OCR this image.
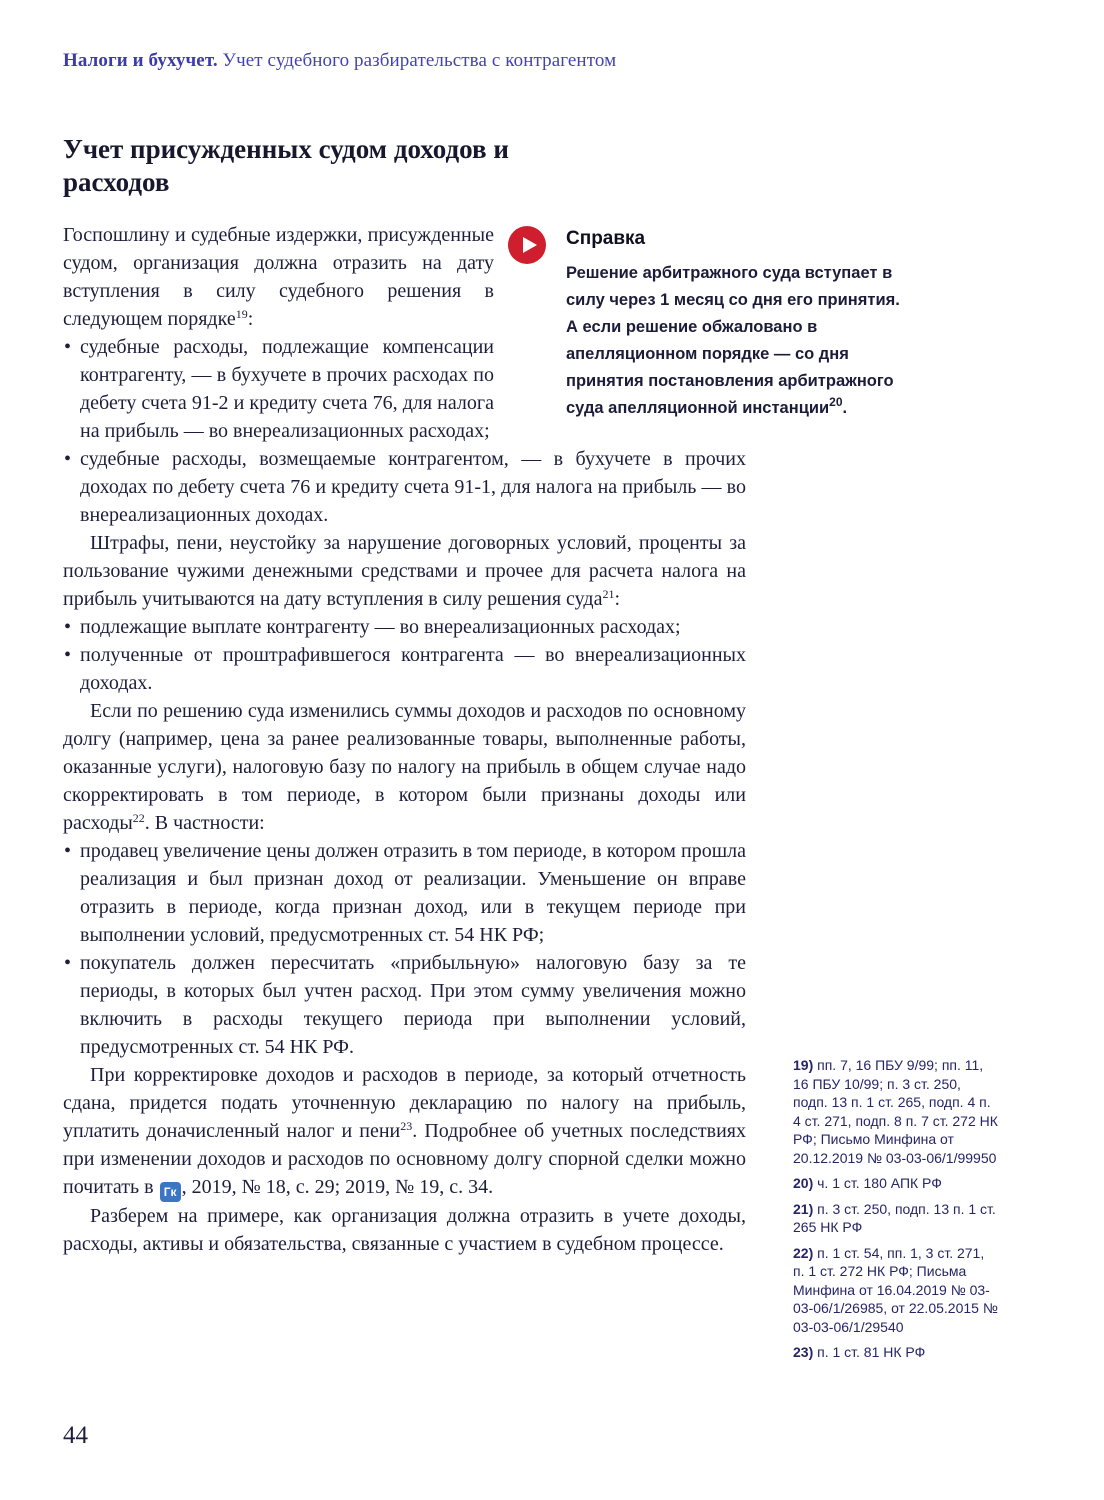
Налоги и бухучет. Учет судебного разбирательства с контрагентом
Учет присужденных судом доходов и расходов

Справка

Решение арбитражного суда вступает в силу через 1 месяц со дня его принятия. А если решение обжаловано в апелляционном порядке — со дня принятия постановления арбитражного суда апелляционной инстанции$^{20}$.

Госпошлину и судебные издержки, присужденные судом, организация должна отразить на дату вступления в силу судебного решения в следующем порядке$^{19}$:

• судебные расходы, подлежащие компенсации контрагенту, — в бухучете в прочих расходах по дебету счета 91-2 и кредиту счета 76, для налога на прибыль — во внереализационных расходах;
• судебные расходы, возмещаемые контрагентом, — в бухучете в прочих доходах по дебету счета 76 и кредиту счета 91-1, для налога на прибыль — во внереализационных доходах.

Штрафы, пени, неустойку за нарушение договорных условий, проценты за пользование чужими денежными средствами и прочее для расчета налога на прибыль учитываются на дату вступления в силу решения суда$^{21}$:

• подлежащие выплате контрагенту — во внереализационных расходах;
• полученные от проштрафившегося контрагента — во внереализационных доходах.

Если по решению суда изменились суммы доходов и расходов по основному долгу (например, цена за ранее реализованные товары, выполненные работы, оказанные услуги), налоговую базу по налогу на прибыль в общем случае надо скорректировать в том периоде, в котором были признаны доходы или расходы$^{22}$. В частности:

• продавец увеличение цены должен отразить в том периоде, в котором прошла реализация и был признан доход от реализации. Уменьшение он вправе отразить в периоде, когда признан доход, или в текущем периоде при выполнении условий, предусмотренных ст. 54 НК РФ;
• покупатель должен пересчитать «прибыльную» налоговую базу за те периоды, в которых был учтен расход. При этом сумму увеличения можно включить в расходы текущего периода при выполнении условий, предусмотренных ст. 54 НК РФ.

При корректировке доходов и расходов в периоде, за который отчетность сдана, придется подать уточненную декларацию по налогу на прибыль, уплатить доначисленный налог и пени$^{23}$. Подробнее об учетных последствиях при изменении доходов и расходов по основному долгу спорной сделки можно почитать в Гк , 2019, № 18, с. 29; 2019, № 19, с. 34.

Разберем на примере, как организация должна отразить в учете доходы, расходы, активы и обязательства, связанные с участием в судебном процессе.

19) пп. 7, 16 ПБУ 9/99; пп. 11, 16 ПБУ 10/99; п. 3 ст. 250, подп. 13 п. 1 ст. 265, подп. 4 п. 4 ст. 271, подп. 8 п. 7 ст. 272 НК РФ; Письмо Минфина от 20.12.2019 № 03-03-06/1/99950

20) ч. 1 ст. 180 АПК РФ

21) п. 3 ст. 250, подп. 13 п. 1 ст. 265 НК РФ

22) п. 1 ст. 54, пп. 1, 3 ст. 271, п. 1 ст. 272 НК РФ; Письма Минфина от 16.04.2019 № 03-03-06/1/26985, от 22.05.2015 № 03-03-06/1/29540

23) п. 1 ст. 81 НК РФ

44
